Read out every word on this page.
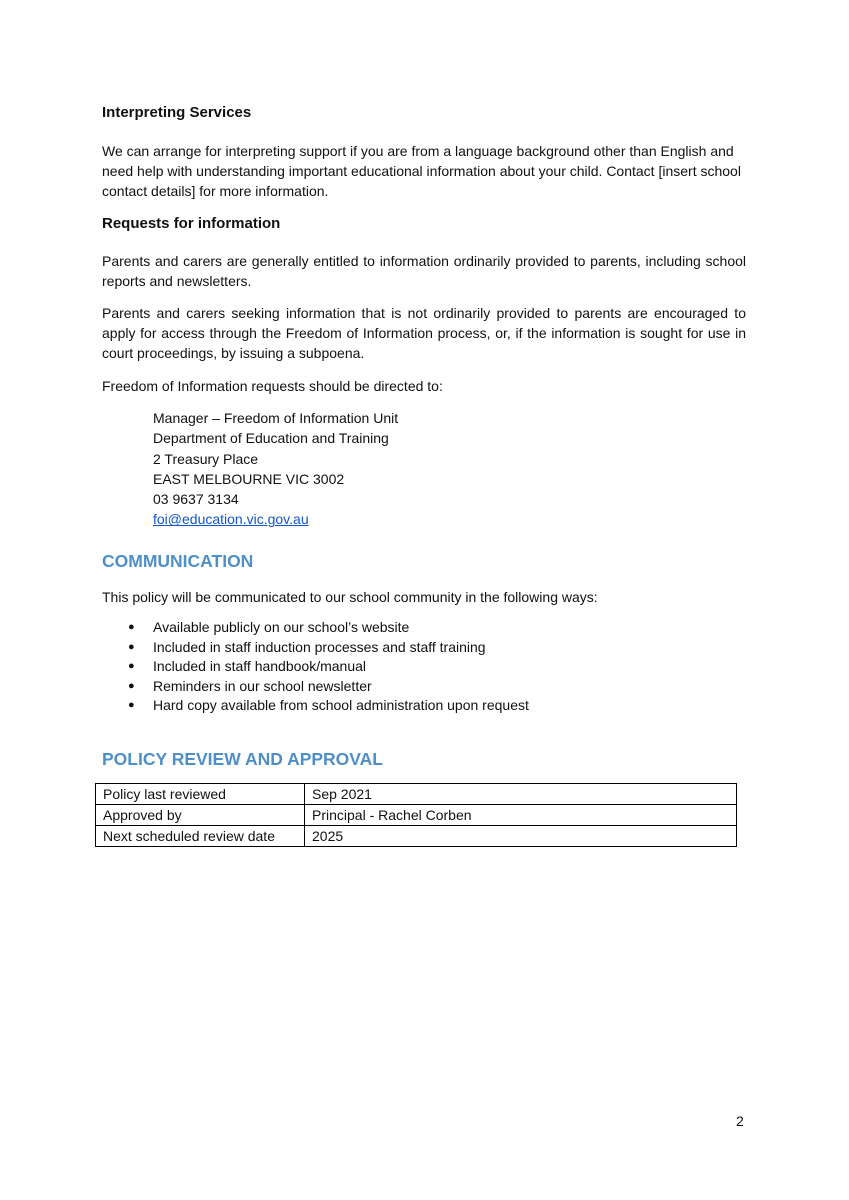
Interpreting Services

We can arrange for interpreting support if you are from a language background other than English and need help with understanding important educational information about your child. Contact [insert school contact details] for more information.

Requests for information

Parents and carers are generally entitled to information ordinarily provided to parents, including school reports and newsletters.

Parents and carers seeking information that is not ordinarily provided to parents are encouraged to apply for access through the Freedom of Information process, or, if the information is sought for use in court proceedings, by issuing a subpoena.

Freedom of Information requests should be directed to:

Manager – Freedom of Information Unit
Department of Education and Training
2 Treasury Place
EAST MELBOURNE VIC 3002
03 9637 3134
foi@education.vic.gov.au
COMMUNICATION

This policy will be communicated to our school community in the following ways:

● Available publicly on our school’s website
● Included in staff induction processes and staff training
● Included in staff handbook/manual
● Reminders in our school newsletter
● Hard copy available from school administration upon request
POLICY REVIEW AND APPROVAL
Policy last reviewed	Sep 2021
Approved by	Principal - Rachel Corben
Next scheduled review date	2025
2
